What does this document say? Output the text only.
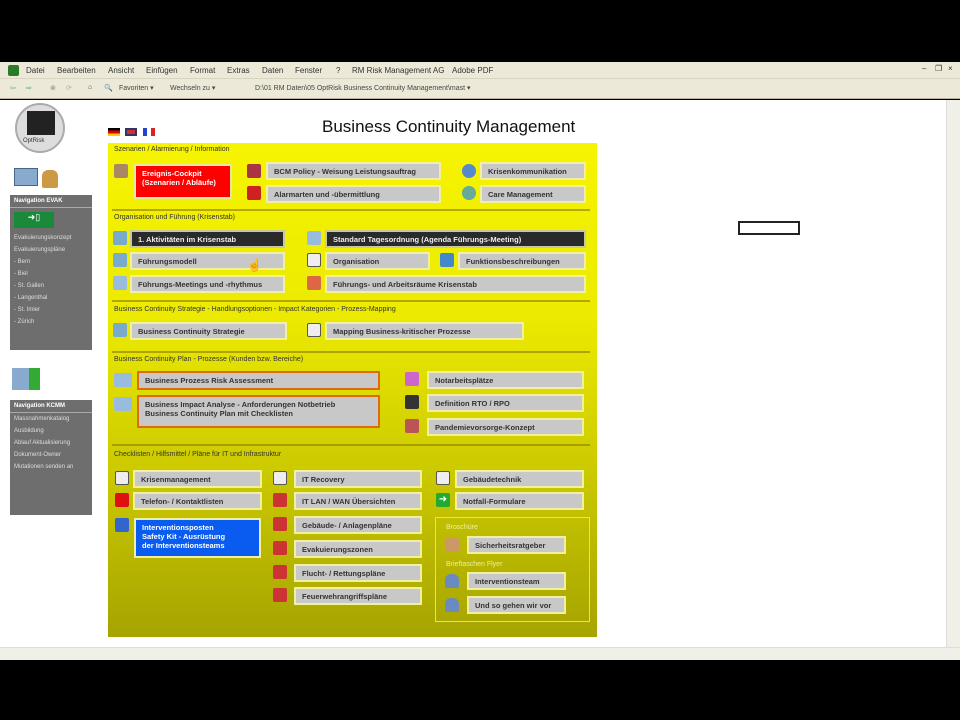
Datei Bearbeiten Ansicht Einfügen Format Extras Daten Fenster ? RM Risk Management AG Adobe PDF	– ❐ ×
⇦ ⇨	⊗ ⟳ ⌂ 🔍 Favoriten ▾ Wechseln zu ▾	D:\01 RM Daten\05 OptRisk Business Continuity Management\mast ▾
OptRisk
Navigation EVAK
➜▯
Evakuierungskonzept
Evakuierungspläne
- Bern
- Biel
- St. Gallen
- Langenthal
- St. Imier
- Zürich
Navigation KCMM
Massnahmenkatalog
Ausbildung
Ablauf Aktualisierung
Dokument-Owner
Mutationen senden an
Business Continuity Management
Szenarien / Alarmierung / Information
Ereignis-Cockpit (Szenarien / Abläufe)
BCM Policy - Weisung Leistungsauftrag
Alarmarten und -übermittlung
Krisenkommunikation
Care Management
Organisation und Führung (Krisenstab)
1. Aktivitäten im Krisenstab	Standard Tagesordnung (Agenda Führungs-Meeting)
Führungsmodell	Organisation	Funktionsbeschreibungen
Führungs-Meetings und -rhythmus	Führungs- und Arbeitsräume Krisenstab
☝
Business Continuity Strategie - Handlungsoptionen - Impact Kategorien - Prozess-Mapping
Business Continuity Strategie	Mapping Business-kritischer Prozesse
Business Continuity Plan - Prozesse (Kunden bzw. Bereiche)
Business Prozess Risk Assessment
Business Impact Analyse - Anforderungen Notbetrieb
Business Continuity Plan mit Checklisten
Notarbeitsplätze
Definition RTO / RPO
Pandemievorsorge-Konzept
Checklisten / Hilfsmittel / Pläne für IT und Infrastruktur
Krisenmanagement
Telefon- / Kontaktlisten
Interventionsposten
Safety Kit - Ausrüstung
der Interventionsteams
IT Recovery
IT LAN / WAN Übersichten
Gebäude- / Anlagenpläne
Evakuierungszonen
Flucht- / Rettungspläne
Feuerwehrangriffspläne
Gebäudetechnik
➜	Notfall-Formulare
Broschüre
Sicherheitsratgeber
Brieftaschen Flyer
Interventionsteam
Und so gehen wir vor
